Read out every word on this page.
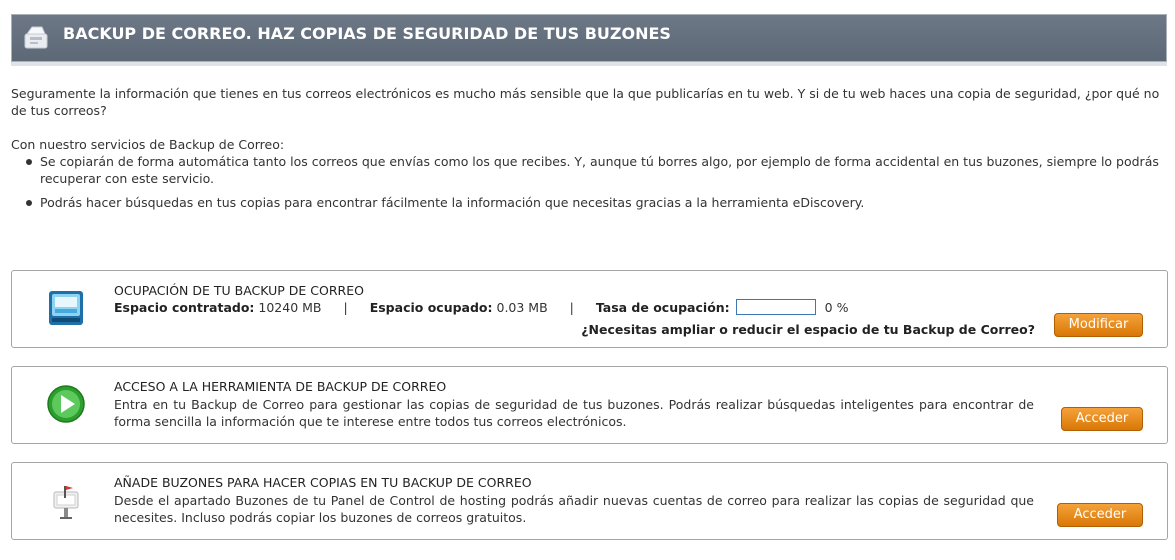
BACKUP DE CORREO. HAZ COPIAS DE SEGURIDAD DE TUS BUZONES

Seguramente la información que tienes en tus correos electrónicos es mucho más sensible que la que publicarías en tu web. Y si de tu web haces una copia de seguridad, ¿por qué no de tus correos?

Con nuestro servicios de Backup de Correo:
Se copiarán de forma automática tanto los correos que envías como los que recibes. Y, aunque tú borres algo, por ejemplo de forma accidental en tus buzones, siempre lo podrás recuperar con este servicio.
Podrás hacer búsquedas en tus copias para encontrar fácilmente la información que necesitas gracias a la herramienta eDiscovery.
OCUPACIÓN DE TU BACKUP DE CORREO
Espacio contratado: 10240 MB | Espacio ocupado: 0.03 MB | Tasa de ocupación:	0 %
¿Necesitas ampliar o reducir el espacio de tu Backup de Correo?	Modificar
ACCESO A LA HERRAMIENTA DE BACKUP DE CORREO
Entra en tu Backup de Correo para gestionar las copias de seguridad de tus buzones. Podrás realizar búsquedas inteligentes para encontrar de forma sencilla la información que te interese entre todos tus correos electrónicos.	Acceder
AÑADE BUZONES PARA HACER COPIAS EN TU BACKUP DE CORREO
Desde el apartado Buzones de tu Panel de Control de hosting podrás añadir nuevas cuentas de correo para realizar las copias de seguridad que necesites. Incluso podrás copiar los buzones de correos gratuitos.	Acceder
